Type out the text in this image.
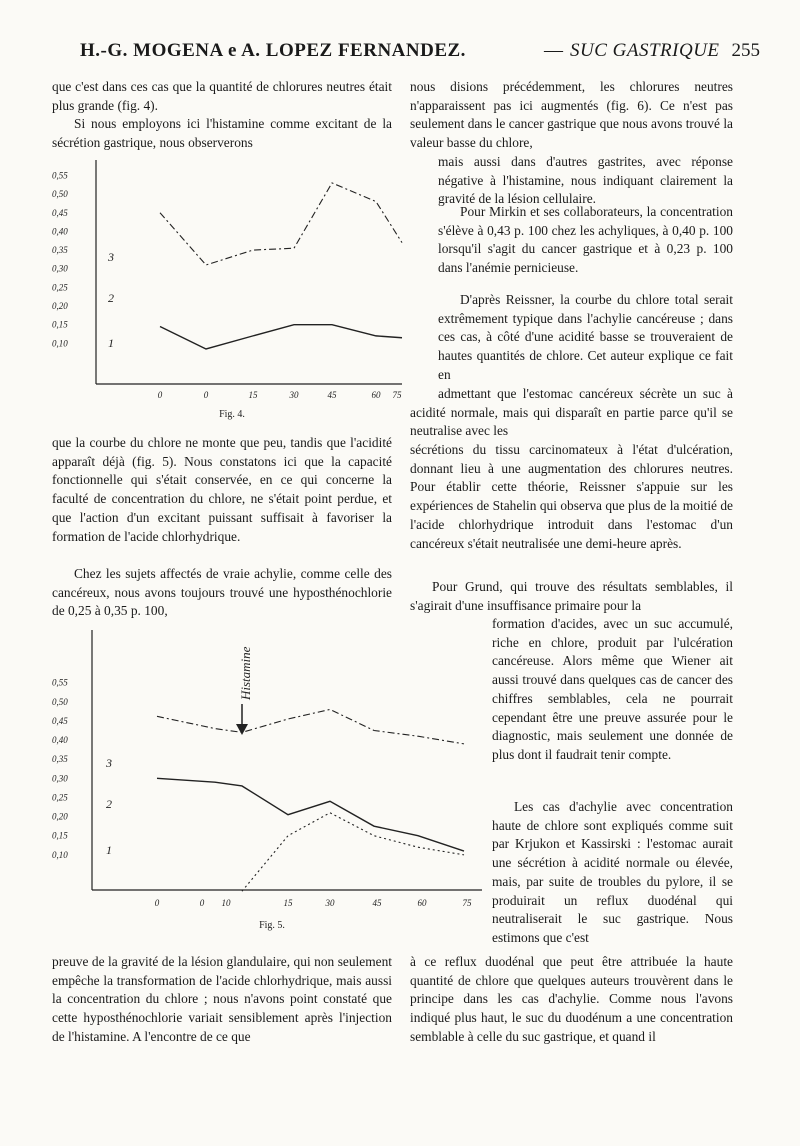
H.-G. MOGENA e A. LOPEZ FERNANDEZ.	— SUC GASTRIQUE 255

que c'est dans ces cas que la quantité de chlorures neutres était plus grande (fig. 4).

Si nous employons ici l'histamine comme excitant de la sécrétion gastrique, nous observerons

0,55
0,50
0,45
0,40
0,35
0,30
0,25
0,20
0,15
0,10
0	0	15	30	45	60 75
3
2
1
Fig. 4.

que la courbe du chlore ne monte que peu, tandis que l'acidité apparaît déjà (fig. 5). Nous constatons ici que la capacité fonctionnelle qui s'était conservée, en ce qui concerne la faculté de concentration du chlore, ne s'était point perdue, et que l'action d'un excitant puissant suffisait à favoriser la formation de l'acide chlorhydrique.

Chez les sujets affectés de vraie achylie, comme celle des cancéreux, nous avons toujours trouvé une hyposthénochlorie de 0,25 à 0,35 p. 100,

0,55
0,50
0,45
0,40
0,35
0,30
0,25
0,20
0,15
0,10
0	0 10	15	30	45	60	75
3
2
1
Fig. 5.
Histamine

preuve de la gravité de la lésion glandulaire, qui non seulement empêche la transformation de l'acide chlorhydrique, mais aussi la concentration du chlore ; nous n'avons point constaté que cette hyposthénochlorie variait sensiblement après l'injection de l'histamine. A l'encontre de ce que

nous disions précédemment, les chlorures neutres n'apparaissent pas ici augmentés (fig. 6). Ce n'est pas seulement dans le cancer gastrique que nous avons trouvé la valeur basse du chlore,

mais aussi dans d'autres gastrites, avec réponse négative à l'histamine, nous indiquant clairement la gravité de la lésion cellulaire.

Pour Mirkin et ses collaborateurs, la concentration s'élève à 0,43 p. 100 chez les achyliques, à 0,40 p. 100 lorsqu'il s'agit du cancer gastrique et à 0,23 p. 100 dans l'anémie pernicieuse.

D'après Reissner, la courbe du chlore total serait extrêmement typique dans l'achylie cancéreuse ; dans ces cas, à côté d'une acidité basse se trouveraient de hautes quantités de chlore. Cet auteur explique ce fait en

admettant que l'estomac cancéreux sécrète un suc à acidité normale, mais qui disparaît en partie parce qu'il se neutralise avec les

sécrétions du tissu carcinomateux à l'état d'ulcération, donnant lieu à une augmentation des chlorures neutres. Pour établir cette théorie, Reissner s'appuie sur les expériences de Stahelin qui observa que plus de la moitié de l'acide chlorhydrique introduit dans l'estomac d'un cancéreux s'était neutralisée une demi-heure après.

Pour Grund, qui trouve des résultats semblables, il s'agirait d'une insuffisance primaire pour la

formation d'acides, avec un suc accumulé, riche en chlore, produit par l'ulcération cancéreuse. Alors même que Wiener ait aussi trouvé dans quelques cas de cancer des chiffres semblables, cela ne pourrait cependant être une preuve assurée pour le diagnostic, mais seulement une donnée de plus dont il faudrait tenir compte.

Les cas d'achylie avec concentration haute de chlore sont expliqués comme suit par Krjukon et Kassirski : l'estomac aurait une sécrétion à acidité normale ou élevée, mais, par suite de troubles du pylore, il se produirait un reflux duodénal qui neutraliserait le suc gastrique. Nous estimons que c'est

à ce reflux duodénal que peut être attribuée la haute quantité de chlore que quelques auteurs trouvèrent dans le principe dans les cas d'achylie. Comme nous l'avons indiqué plus haut, le suc du duodénum a une concentration semblable à celle du suc gastrique, et quand il
